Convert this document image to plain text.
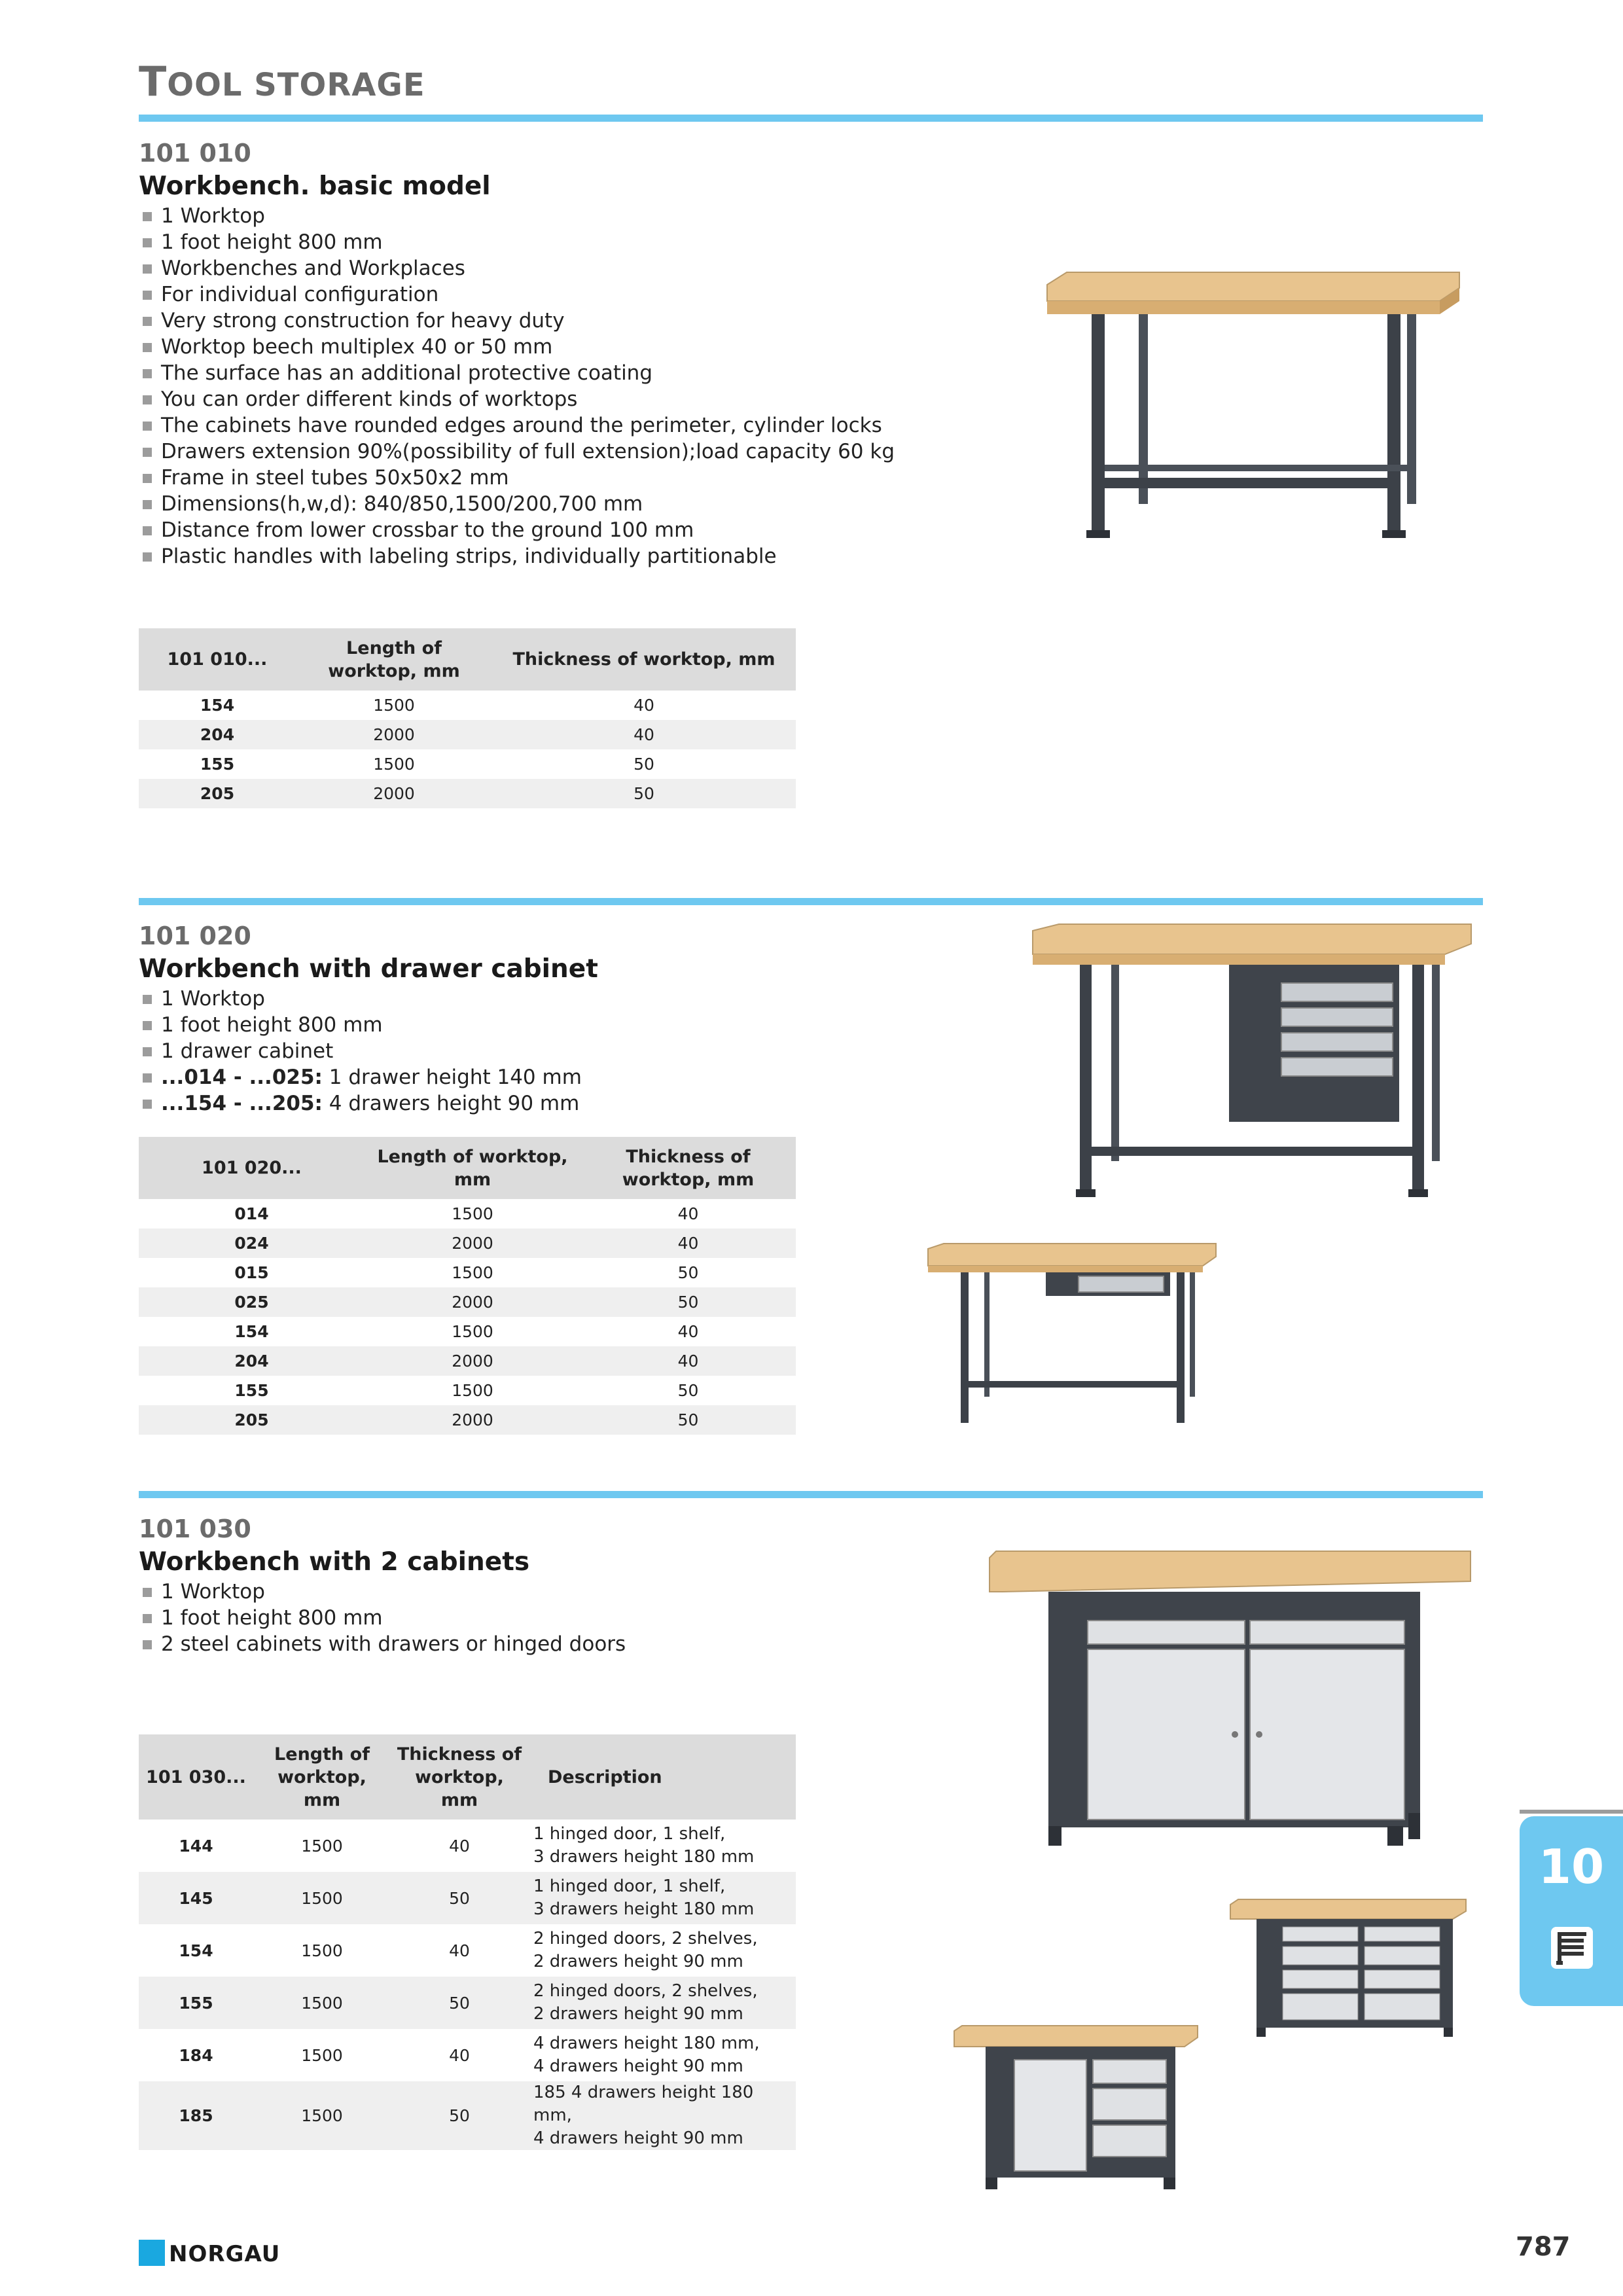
TOOL STORAGE
101 010
Workbench. basic model
1 Worktop
1 foot height 800 mm
Workbenches and Workplaces
For individual configuration
Very strong construction for heavy duty
Worktop beech multiplex 40 or 50 mm
The surface has an additional protective coating
You can order different kinds of worktops
The cabinets have rounded edges around the perimeter, cylinder locks
Drawers extension 90%(possibility of full extension);load capacity 60 kg
Frame in steel tubes 50x50x2 mm
Dimensions(h,w,d): 840/850,1500/200,700 mm
Distance from lower crossbar to the ground 100 mm
Plastic handles with labeling strips, individually partitionable
101 010...	Length of worktop, mm	Thickness of worktop, mm
154	1500	40
204	2000	40
155	1500	50
205	2000	50
101 020
Workbench with drawer cabinet
1 Worktop
1 foot height 800 mm
1 drawer cabinet
...014 - ...025: 1 drawer height 140 mm
...154 - ...205: 4 drawers height 90 mm
101 020...	Length of worktop, mm	Thickness of worktop, mm
014	1500	40
024	2000	40
015	1500	50
025	2000	50
154	1500	40
204	2000	40
155	1500	50
205	2000	50
101 030
Workbench with 2 cabinets
1 Worktop
1 foot height 800 mm
2 steel cabinets with drawers or hinged doors
101 030...	Length of worktop, mm	Thickness of worktop, mm	Description
144	1500	40	1 hinged door, 1 shelf,
3 drawers height 180 mm

145	1500	50	1 hinged door, 1 shelf,
3 drawers height 180 mm

154	1500	40	2 hinged doors, 2 shelves,
2 drawers height 90 mm

155	1500	50	2 hinged doors, 2 shelves,
2 drawers height 90 mm

184	1500	40	4 drawers height 180 mm,
4 drawers height 90 mm

185	1500	50	185 4 drawers height 180 mm,
4 drawers height 90 mm
10
NORGAU	787
